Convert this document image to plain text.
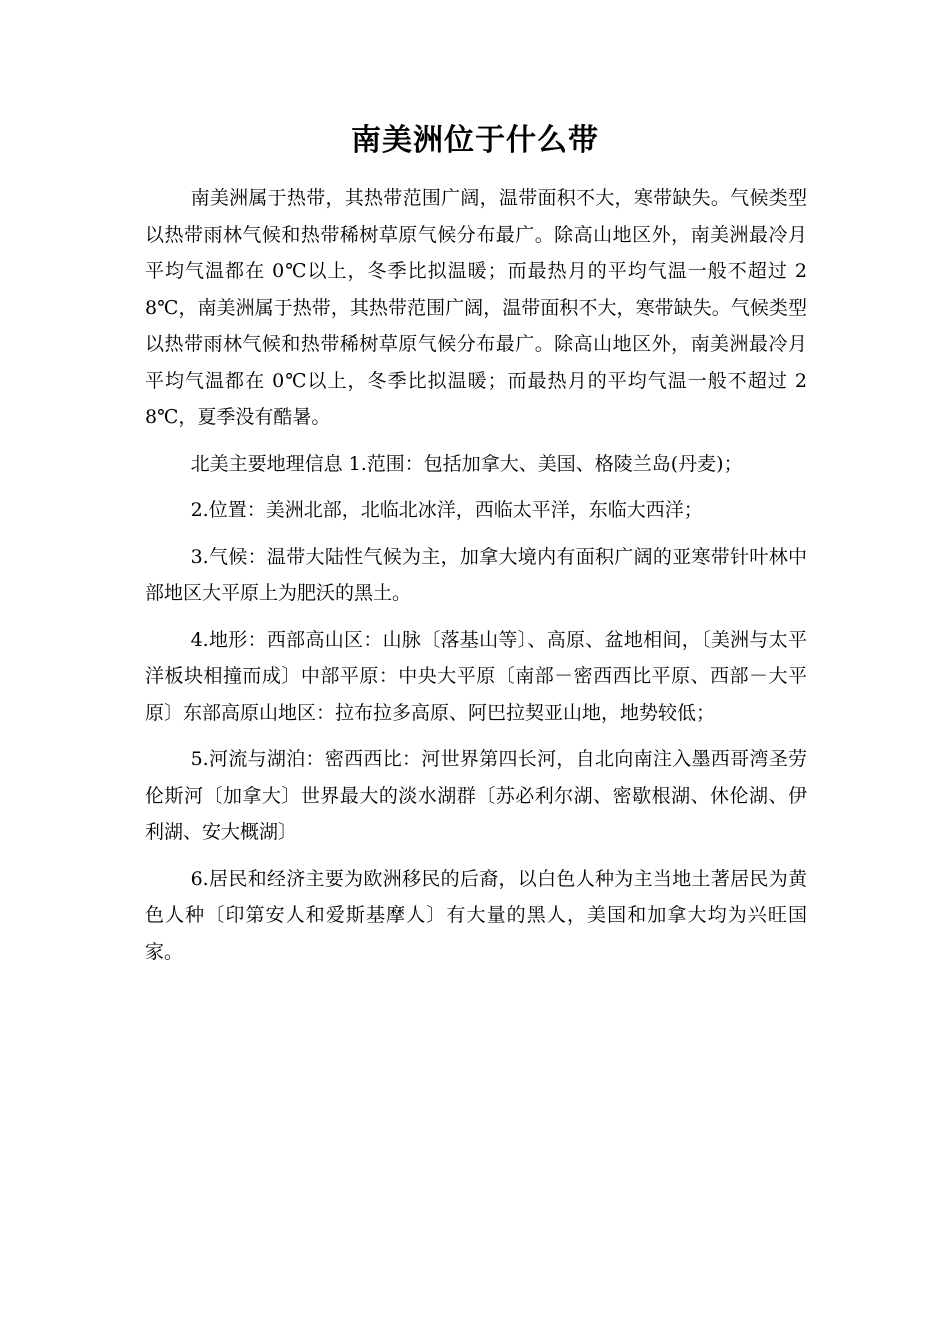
南美洲位于什么带

南美洲属于热带，其热带范围广阔，温带面积不大，寒带缺失。气候类型以热带雨林气候和热带稀树草原气候分布最广。除高山地区外，南美洲最冷月平均气温都在 0℃以上，冬季比拟温暖；而最热月的平均气温一般不超过 28℃，南美洲属于热带，其热带范围广阔，温带面积不大，寒带缺失。气候类型以热带雨林气候和热带稀树草原气候分布最广。除高山地区外，南美洲最冷月平均气温都在 0℃以上，冬季比拟温暖；而最热月的平均气温一般不超过 28℃，夏季没有酷暑。

北美主要地理信息 1.范围：包括加拿大、美国、格陵兰岛(丹麦)；

2.位置：美洲北部，北临北冰洋，西临太平洋，东临大西洋；

3.气候：温带大陆性气候为主，加拿大境内有面积广阔的亚寒带针叶林中部地区大平原上为肥沃的黑土。

4.地形：西部高山区：山脉〔落基山等〕、高原、盆地相间，〔美洲与太平洋板块相撞而成〕中部平原：中央大平原〔南部－密西西比平原、西部－大平原〕东部高原山地区：拉布拉多高原、阿巴拉契亚山地，地势较低；

5.河流与湖泊：密西西比：河世界第四长河，自北向南注入墨西哥湾圣劳伦斯河〔加拿大〕世界最大的淡水湖群〔苏必利尔湖、密歇根湖、休伦湖、伊利湖、安大概湖〕

6.居民和经济主要为欧洲移民的后裔，以白色人种为主当地土著居民为黄色人种〔印第安人和爱斯基摩人〕有大量的黑人，美国和加拿大均为兴旺国家。
